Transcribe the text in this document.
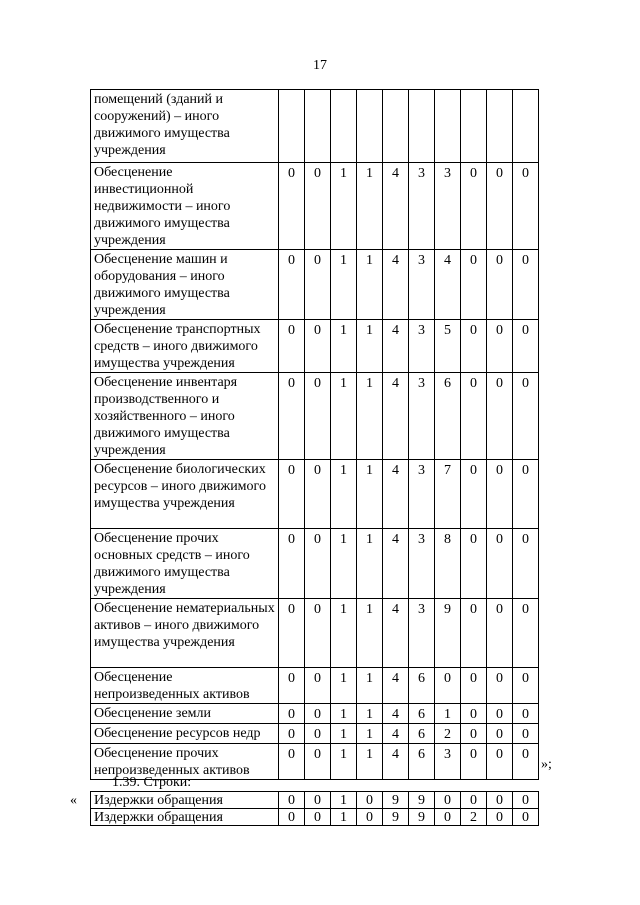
17
помещений (зданий и сооружений) – иного движимого имущества учреждения										
Обесценение инвестиционной недвижимости – иного движимого имущества учреждения	0	0	1	1	4	3	3	0	0	0
Обесценение машин и оборудования – иного движимого имущества учреждения	0	0	1	1	4	3	4	0	0	0
Обесценение транспортных средств – иного движимого имущества учреждения	0	0	1	1	4	3	5	0	0	0
Обесценение инвентаря производственного и хозяйственного – иного движимого имущества учреждения	0	0	1	1	4	3	6	0	0	0
Обесценение биологических ресурсов – иного движимого имущества учреждения	0	0	1	1	4	3	7	0	0	0
Обесценение прочих основных средств – иного движимого имущества учреждения	0	0	1	1	4	3	8	0	0	0
Обесценение нематериальных активов – иного движимого имущества учреждения	0	0	1	1	4	3	9	0	0	0
Обесценение непроизведенных активов	0	0	1	1	4	6	0	0	0	0
Обесценение земли	0	0	1	1	4	6	1	0	0	0
Обесценение ресурсов недр	0	0	1	1	4	6	2	0	0	0
Обесценение прочих непроизведенных активов	0	0	1	1	4	6	3	0	0	0
»;
1.39. Строки:
« Издержки обращения	0	0	1	0	9	9	0	0	0	0
Издержки обращения	0	0	1	0	9	9	0	2	0	0
